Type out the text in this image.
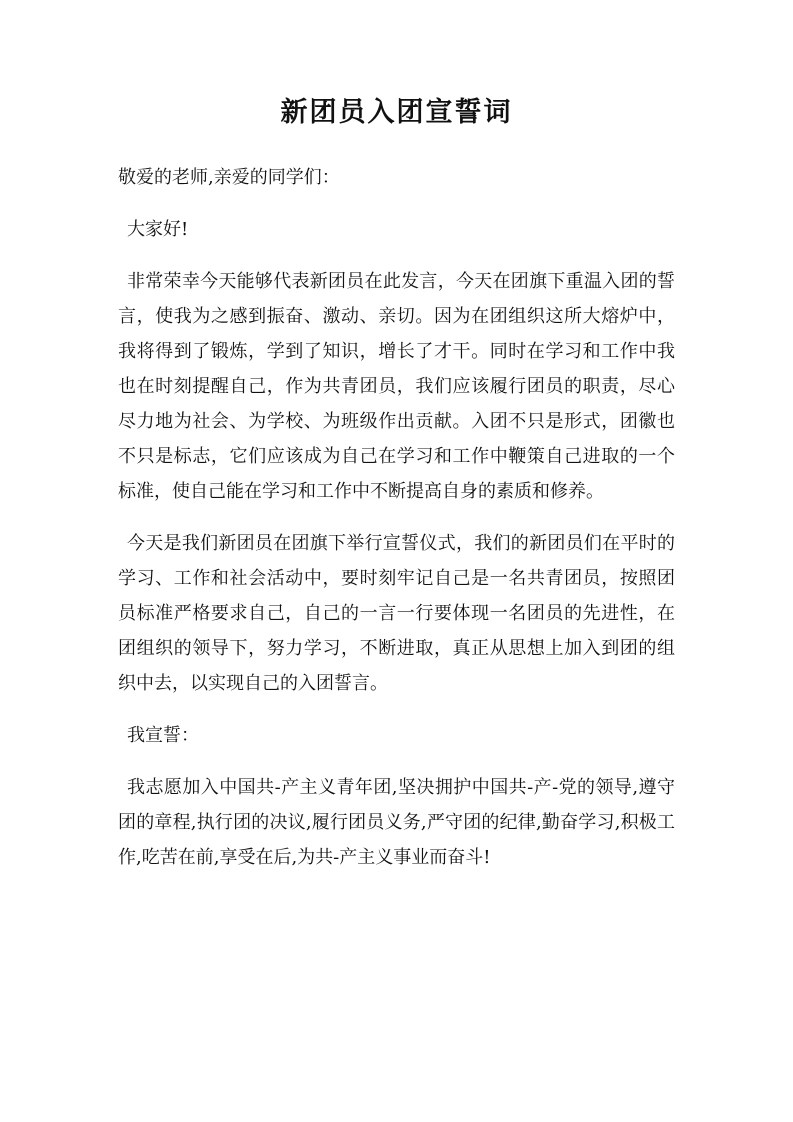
新团员入团宣誓词

敬爱的老师,亲爱的同学们：

大家好!

非常荣幸今天能够代表新团员在此发言，今天在团旗下重温入团的誓言，使我为之感到振奋、激动、亲切。因为在团组织这所大熔炉中，我将得到了锻炼，学到了知识，增长了才干。同时在学习和工作中我也在时刻提醒自己，作为共青团员，我们应该履行团员的职责，尽心尽力地为社会、为学校、为班级作出贡献。入团不只是形式，团徽也不只是标志，它们应该成为自己在学习和工作中鞭策自己进取的一个标准，使自己能在学习和工作中不断提高自身的素质和修养。

今天是我们新团员在团旗下举行宣誓仪式，我们的新团员们在平时的学习、工作和社会活动中，要时刻牢记自己是一名共青团员，按照团员标准严格要求自己，自己的一言一行要体现一名团员的先进性，在团组织的领导下，努力学习，不断进取，真正从思想上加入到团的组织中去，以实现自己的入团誓言。

我宣誓：

我志愿加入中国共-产主义青年团,坚决拥护中国共-产-党的领导,遵守团的章程,执行团的决议,履行团员义务,严守团的纪律,勤奋学习,积极工作,吃苦在前,享受在后,为共-产主义事业而奋斗!
